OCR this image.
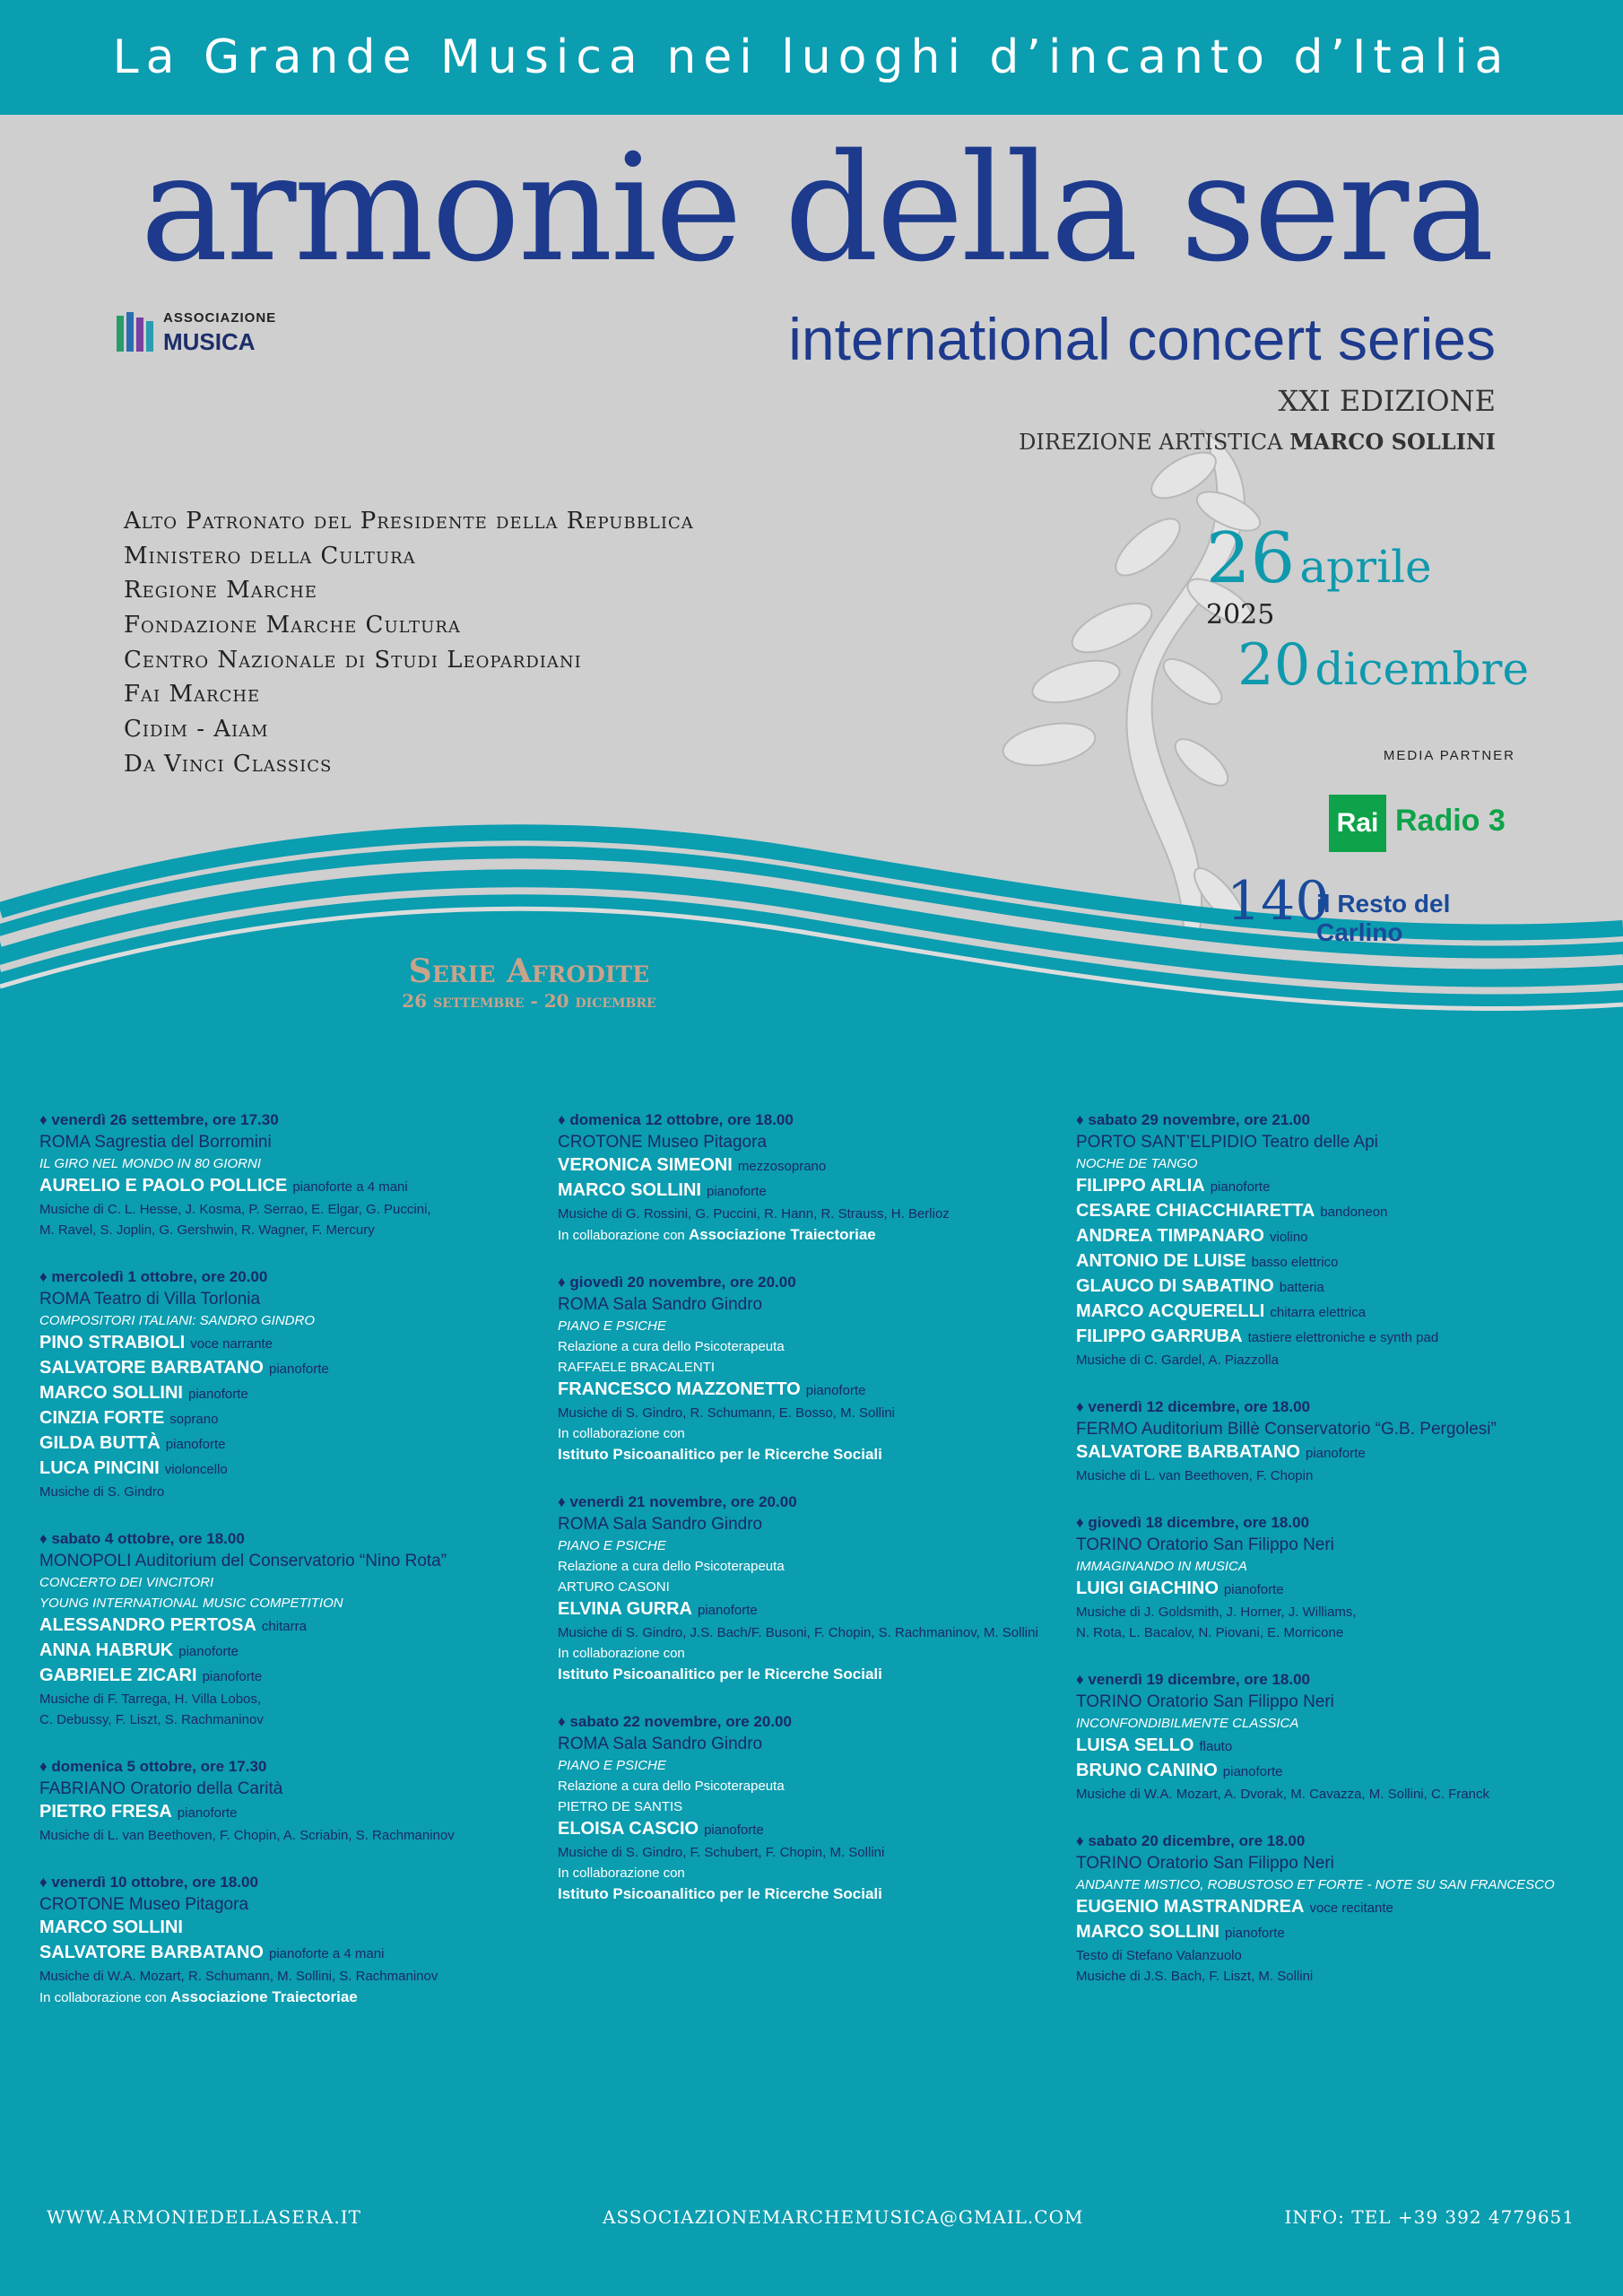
La Grande Musica nei luoghi d’incanto d’Italia
armonie della sera
ASSOCIAZIONE
MUSICA	international concert series
XXI EDIZIONE
DIREZIONE ARTISTICA MARCO SOLLINI
Alto Patronato del Presidente della Repubblica
Ministero della Cultura
Regione Marche
Fondazione Marche Cultura
Centro Nazionale di Studi Leopardiani
Fai Marche
Cidim - Aiam
Da Vinci Classics
26 aprile
2025
20 dicembre
MEDIA PARTNER
Rai Radio 3
140
il Resto del Carlino
Serie Afrodite
26 settembre - 20 dicembre
♦ venerdì 26 settembre, ore 17.30
ROMA Sagrestia del Borromini
IL GIRO NEL MONDO IN 80 GIORNI
AURELIO E PAOLO POLLICE pianoforte a 4 mani
Musiche di C. L. Hesse, J. Kosma, P. Serrao, E. Elgar, G. Puccini,
M. Ravel, S. Joplin, G. Gershwin, R. Wagner, F. Mercury
♦ mercoledì 1 ottobre, ore 20.00
ROMA Teatro di Villa Torlonia
COMPOSITORI ITALIANI: SANDRO GINDRO
PINO STRABIOLI voce narrante
SALVATORE BARBATANO pianoforte
MARCO SOLLINI pianoforte
CINZIA FORTE soprano
GILDA BUTTÀ pianoforte
LUCA PINCINI violoncello
Musiche di S. Gindro
♦ sabato 4 ottobre, ore 18.00
MONOPOLI Auditorium del Conservatorio “Nino Rota”
CONCERTO DEI VINCITORI
YOUNG INTERNATIONAL MUSIC COMPETITION
ALESSANDRO PERTOSA chitarra
ANNA HABRUK pianoforte
GABRIELE ZICARI pianoforte
Musiche di F. Tarrega, H. Villa Lobos,
C. Debussy, F. Liszt, S. Rachmaninov
♦ domenica 5 ottobre, ore 17.30
FABRIANO Oratorio della Carità
PIETRO FRESA pianoforte
Musiche di L. van Beethoven, F. Chopin, A. Scriabin, S. Rachmaninov
♦ venerdì 10 ottobre, ore 18.00
CROTONE Museo Pitagora
MARCO SOLLINI
SALVATORE BARBATANO pianoforte a 4 mani
Musiche di W.A. Mozart, R. Schumann, M. Sollini, S. Rachmaninov
In collaborazione con Associazione Traiectoriae
♦ domenica 12 ottobre, ore 18.00
CROTONE Museo Pitagora
VERONICA SIMEONI mezzosoprano
MARCO SOLLINI pianoforte
Musiche di G. Rossini, G. Puccini, R. Hann, R. Strauss, H. Berlioz
In collaborazione con Associazione Traiectoriae
♦ giovedì 20 novembre, ore 20.00
ROMA Sala Sandro Gindro
PIANO E PSICHE
Relazione a cura dello Psicoterapeuta
RAFFAELE BRACALENTI
FRANCESCO MAZZONETTO pianoforte
Musiche di S. Gindro, R. Schumann, E. Bosso, M. Sollini
In collaborazione con
Istituto Psicoanalitico per le Ricerche Sociali
♦ venerdì 21 novembre, ore 20.00
ROMA Sala Sandro Gindro
PIANO E PSICHE
Relazione a cura dello Psicoterapeuta
ARTURO CASONI
ELVINA GURRA pianoforte
Musiche di S. Gindro, J.S. Bach/F. Busoni, F. Chopin, S. Rachmaninov, M. Sollini
In collaborazione con
Istituto Psicoanalitico per le Ricerche Sociali
♦ sabato 22 novembre, ore 20.00
ROMA Sala Sandro Gindro
PIANO E PSICHE
Relazione a cura dello Psicoterapeuta
PIETRO DE SANTIS
ELOISA CASCIO pianoforte
Musiche di S. Gindro, F. Schubert, F. Chopin, M. Sollini
In collaborazione con
Istituto Psicoanalitico per le Ricerche Sociali
♦ sabato 29 novembre, ore 21.00
PORTO SANT’ELPIDIO Teatro delle Api
NOCHE DE TANGO
FILIPPO ARLIA pianoforte
CESARE CHIACCHIARETTA bandoneon
ANDREA TIMPANARO violino
ANTONIO DE LUISE basso elettrico
GLAUCO DI SABATINO batteria
MARCO ACQUERELLI chitarra elettrica
FILIPPO GARRUBA tastiere elettroniche e synth pad
Musiche di C. Gardel, A. Piazzolla
♦ venerdì 12 dicembre, ore 18.00
FERMO Auditorium Billè Conservatorio “G.B. Pergolesi”
SALVATORE BARBATANO pianoforte
Musiche di L. van Beethoven, F. Chopin
♦ giovedì 18 dicembre, ore 18.00
TORINO Oratorio San Filippo Neri
IMMAGINANDO IN MUSICA
LUIGI GIACHINO pianoforte
Musiche di J. Goldsmith, J. Horner, J. Williams,
N. Rota, L. Bacalov, N. Piovani, E. Morricone
♦ venerdì 19 dicembre, ore 18.00
TORINO Oratorio San Filippo Neri
INCONFONDIBILMENTE CLASSICA
LUISA SELLO flauto
BRUNO CANINO pianoforte
Musiche di W.A. Mozart, A. Dvorak, M. Cavazza, M. Sollini, C. Franck
♦ sabato 20 dicembre, ore 18.00
TORINO Oratorio San Filippo Neri
ANDANTE MISTICO, ROBUSTOSO ET FORTE - NOTE SU SAN FRANCESCO
EUGENIO MASTRANDREA voce recitante
MARCO SOLLINI pianoforte
Testo di Stefano Valanzuolo
Musiche di J.S. Bach, F. Liszt, M. Sollini
WWW.ARMONIEDELLASERA.IT	ASSOCIAZIONEMARCHEMUSICA@GMAIL.COM	INFO: TEL +39 392 4779651
